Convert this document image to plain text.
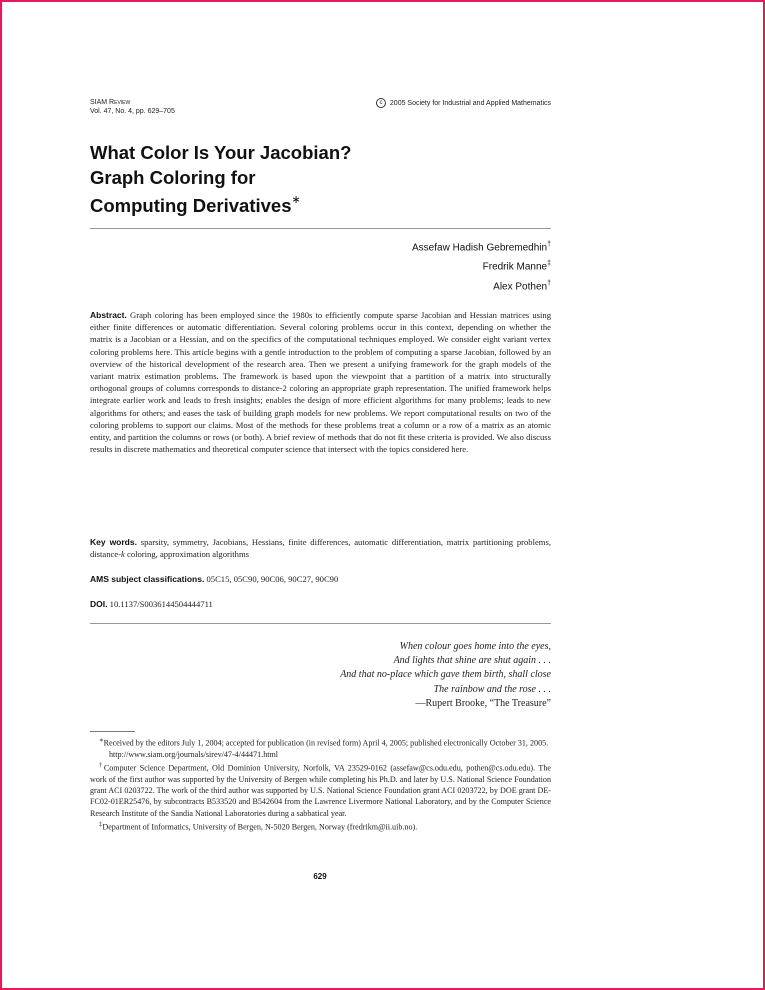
SIAM Review
Vol. 47, No. 4, pp. 629–705
c 2005 Society for Industrial and Applied Mathematics
What Color Is Your Jacobian?
Graph Coloring for
Computing Derivatives∗
Assefaw Hadish Gebremedhin†
Fredrik Manne‡
Alex Pothen†
Abstract. Graph coloring has been employed since the 1980s to efficiently compute sparse Jacobian and Hessian matrices using either finite differences or automatic differentiation. Several coloring problems occur in this context, depending on whether the matrix is a Jacobian or a Hessian, and on the specifics of the computational techniques employed. We consider eight variant vertex coloring problems here. This article begins with a gentle introduction to the problem of computing a sparse Jacobian, followed by an overview of the historical development of the research area. Then we present a unifying framework for the graph models of the variant matrix estimation problems. The framework is based upon the viewpoint that a partition of a matrix into structurally orthogonal groups of columns corresponds to distance-2 coloring an appropriate graph representation. The unified framework helps integrate earlier work and leads to fresh insights; enables the design of more efficient algorithms for many problems; leads to new algorithms for others; and eases the task of building graph models for new problems. We report computational results on two of the coloring problems to support our claims. Most of the methods for these problems treat a column or a row of a matrix as an atomic entity, and partition the columns or rows (or both). A brief review of methods that do not fit these criteria is provided. We also discuss results in discrete mathematics and theoretical computer science that intersect with the topics considered here.
Key words. sparsity, symmetry, Jacobians, Hessians, finite differences, automatic differentiation, matrix partitioning problems, distance-k coloring, approximation algorithms
AMS subject classifications. 05C15, 05C90, 90C06, 90C27, 90C90
DOI. 10.1137/S0036144504444711
When colour goes home into the eyes,
And lights that shine are shut again . . .
And that no-place which gave them birth, shall close
The rainbow and the rose . . .
—Rupert Brooke, “The Treasure”
∗Received by the editors July 1, 2004; accepted for publication (in revised form) April 4, 2005; published electronically October 31, 2005.
http://www.siam.org/journals/sirev/47-4/44471.html
†Computer Science Department, Old Dominion University, Norfolk, VA 23529-0162 (assefaw@cs.odu.edu, pothen@cs.odu.edu). The work of the first author was supported by the University of Bergen while completing his Ph.D. and later by U.S. National Science Foundation grant ACI 0203722. The work of the third author was supported by U.S. National Science Foundation grant ACI 0203722, by DOE grant DE-FC02-01ER25476, by subcontracts B533520 and B542604 from the Lawrence Livermore National Laboratory, and by the Computer Science Research Institute of the Sandia National Laboratories during a sabbatical year.
‡Department of Informatics, University of Bergen, N-5020 Bergen, Norway (fredrikm@ii.uib.no).
629
